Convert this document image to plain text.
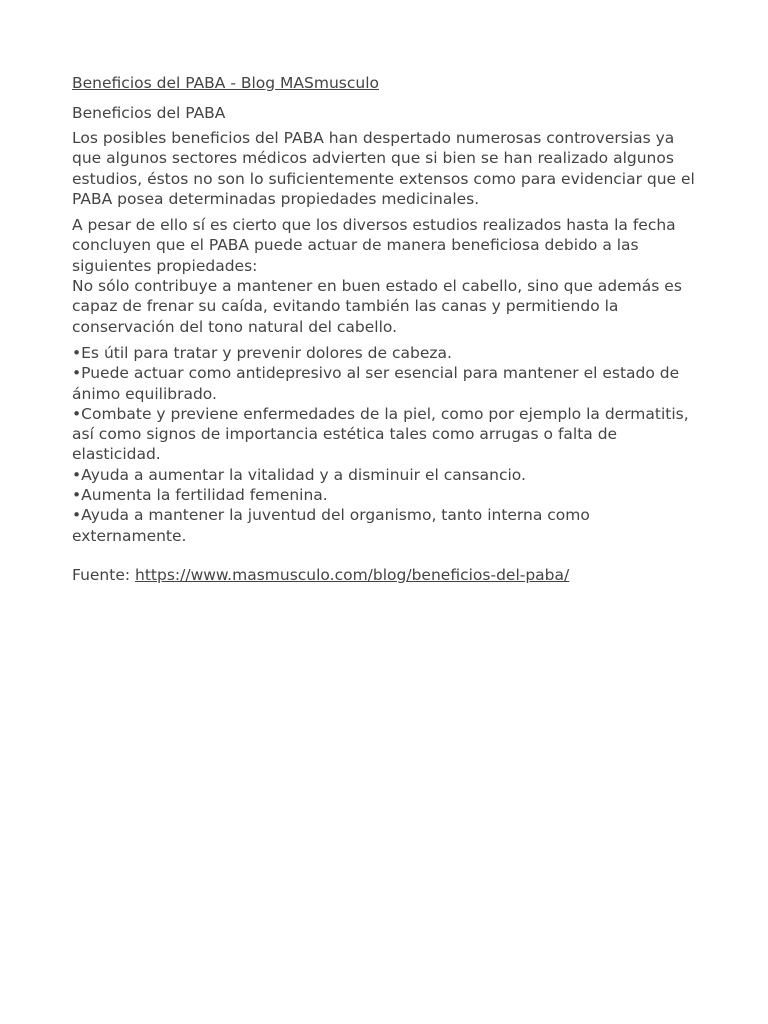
Beneficios del PABA - Blog MASmusculo
Beneficios del PABA

Los posibles beneficios del PABA han despertado numerosas controversias ya que algunos sectores médicos advierten que si bien se han realizado algunos estudios, éstos no son lo suficientemente extensos como para evidenciar que el PABA posea determinadas propiedades medicinales.

A pesar de ello sí es cierto que los diversos estudios realizados hasta la fecha concluyen que el PABA puede actuar de manera beneficiosa debido a las siguientes propiedades:
No sólo contribuye a mantener en buen estado el cabello, sino que además es capaz de frenar su caída, evitando también las canas y permitiendo la conservación del tono natural del cabello.

•Es útil para tratar y prevenir dolores de cabeza.
•Puede actuar como antidepresivo al ser esencial para mantener el estado de ánimo equilibrado.
•Combate y previene enfermedades de la piel, como por ejemplo la dermatitis, así como signos de importancia estética tales como arrugas o falta de elasticidad.
•Ayuda a aumentar la vitalidad y a disminuir el cansancio.
•Aumenta la fertilidad femenina.
•Ayuda a mantener la juventud del organismo, tanto interna como externamente.
Fuente: https://www.masmusculo.com/blog/beneficios-del-paba/
